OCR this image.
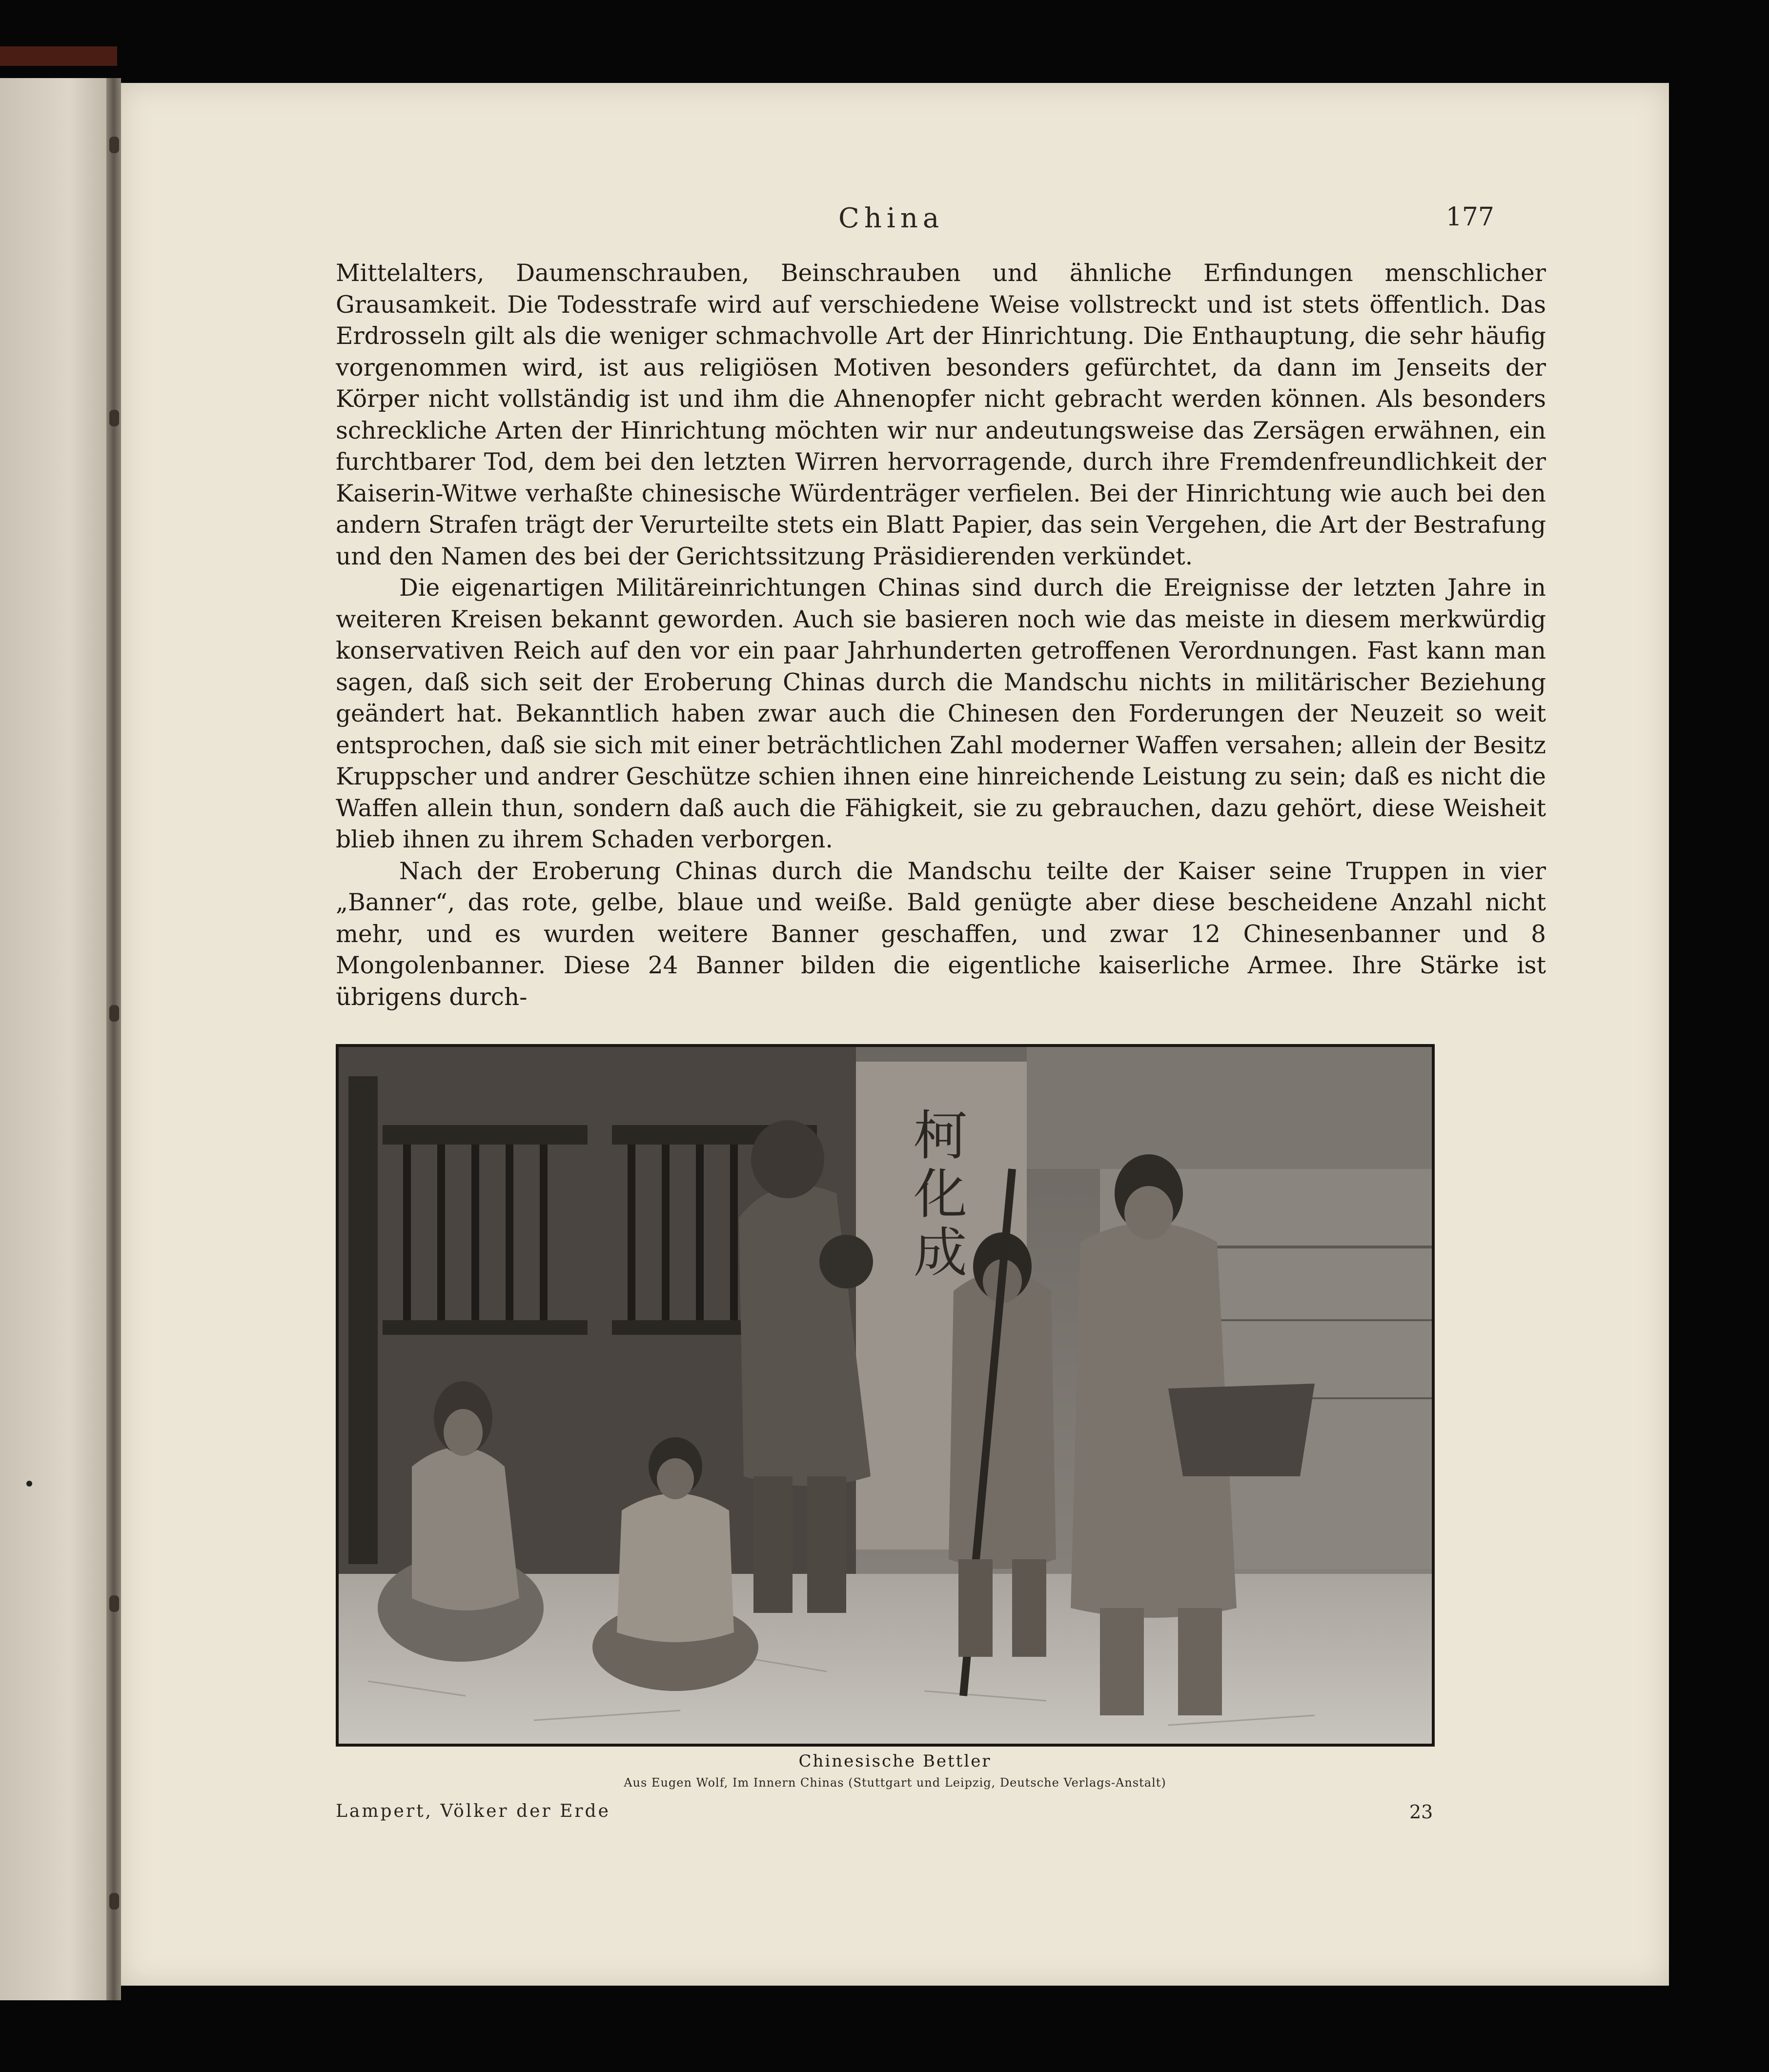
China	177

Mittelalters, Daumenschrauben, Beinschrauben und ähnliche Erfindungen menschlicher Grausamkeit. Die Todesstrafe wird auf verschiedene Weise vollstreckt und ist stets öffentlich. Das Erdrosseln gilt als die weniger schmachvolle Art der Hinrichtung. Die Enthauptung, die sehr häufig vorgenommen wird, ist aus religiösen Motiven besonders gefürchtet, da dann im Jenseits der Körper nicht vollständig ist und ihm die Ahnenopfer nicht gebracht werden können. Als besonders schreckliche Arten der Hinrichtung möchten wir nur andeutungsweise das Zersägen erwähnen, ein furchtbarer Tod, dem bei den letzten Wirren hervorragende, durch ihre Fremdenfreundlichkeit der Kaiserin-Witwe verhaßte chinesische Würdenträger verfielen. Bei der Hinrichtung wie auch bei den andern Strafen trägt der Verurteilte stets ein Blatt Papier, das sein Vergehen, die Art der Bestrafung und den Namen des bei der Gerichtssitzung Präsidierenden verkündet.

Die eigenartigen Militäreinrichtungen Chinas sind durch die Ereignisse der letzten Jahre in weiteren Kreisen bekannt geworden. Auch sie basieren noch wie das meiste in diesem merkwürdig konservativen Reich auf den vor ein paar Jahrhunderten getroffenen Verordnungen. Fast kann man sagen, daß sich seit der Eroberung Chinas durch die Mandschu nichts in militärischer Beziehung geändert hat. Bekanntlich haben zwar auch die Chinesen den Forderungen der Neuzeit so weit entsprochen, daß sie sich mit einer beträchtlichen Zahl moderner Waffen versahen; allein der Besitz Kruppscher und andrer Geschütze schien ihnen eine hinreichende Leistung zu sein; daß es nicht die Waffen allein thun, sondern daß auch die Fähigkeit, sie zu gebrauchen, dazu gehört, diese Weisheit blieb ihnen zu ihrem Schaden verborgen.

Nach der Eroberung Chinas durch die Mandschu teilte der Kaiser seine Truppen in vier „Banner“, das rote, gelbe, blaue und weiße. Bald genügte aber diese bescheidene Anzahl nicht mehr, und es wurden weitere Banner geschaffen, und zwar 12 Chinesenbanner und 8 Mongolenbanner. Diese 24 Banner bilden die eigentliche kaiserliche Armee. Ihre Stärke ist übrigens durch-

柯
化
成
Chinesische Bettler
Aus Eugen Wolf, Im Innern Chinas (Stuttgart und Leipzig, Deutsche Verlags-Anstalt)
Lampert, Völker der Erde	23
